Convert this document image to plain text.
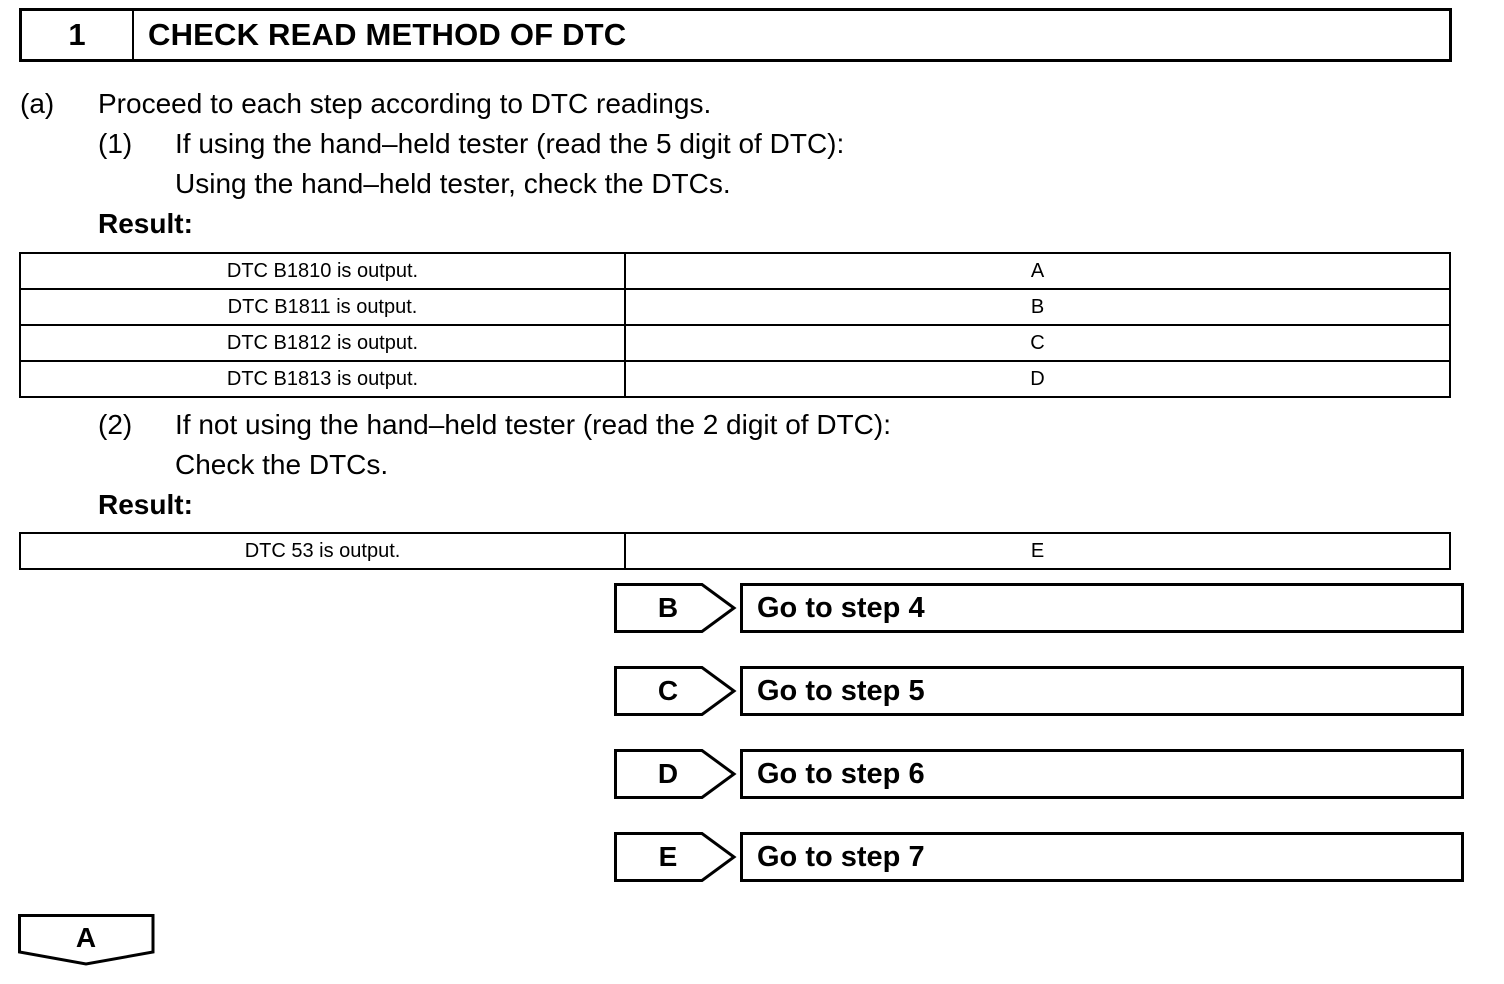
1	CHECK READ METHOD OF DTC
(a) Proceed to each step according to DTC readings.
(1) If using the hand–held tester (read the 5 digit of DTC):
Using the hand–held tester, check the DTCs.
Result:
DTC B1810 is output.	A
DTC B1811 is output.	B
DTC B1812 is output.	C
DTC B1813 is output.	D
(2) If not using the hand–held tester (read the 2 digit of DTC):
Check the DTCs.
Result:
DTC 53 is output.	E
B	Go to step 4
C	Go to step 5
D	Go to step 6
E	Go to step 7
A
